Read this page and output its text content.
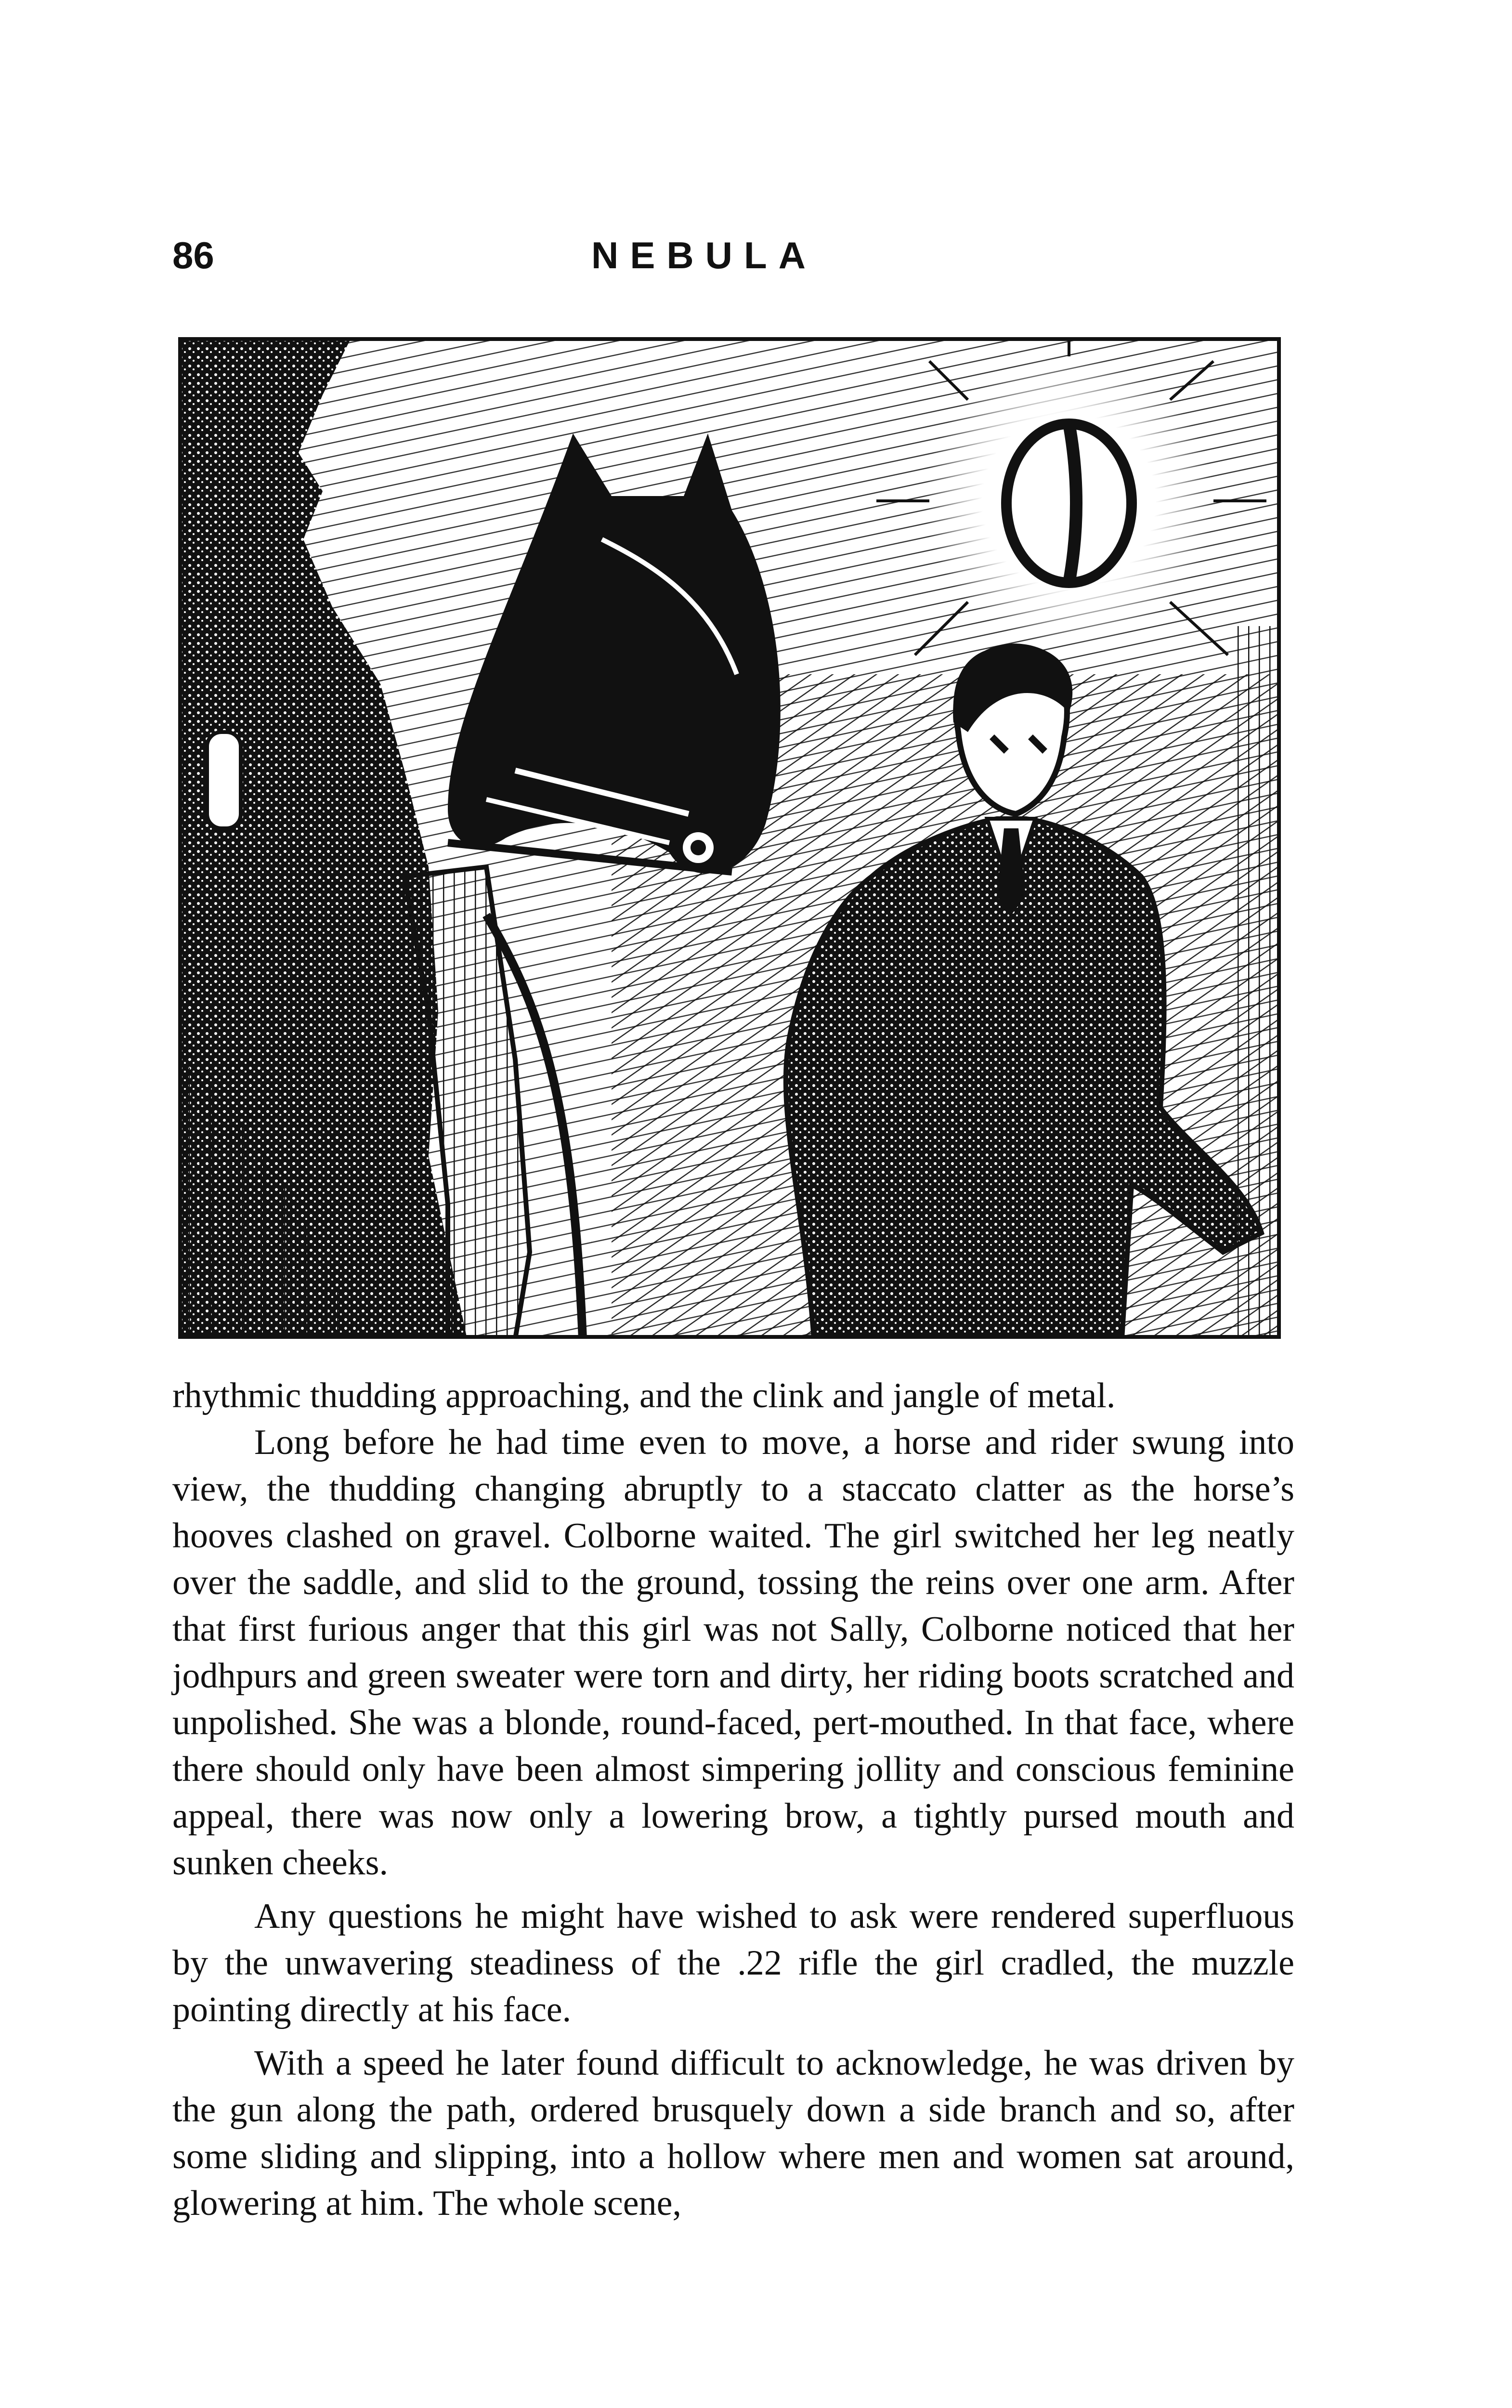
86	NEBULA

rhythmic thudding approaching, and the clink and jangle of metal.

Long before he had time even to move, a horse and rider swung into view, the thudding changing abruptly to a staccato clatter as the horse’s hooves clashed on gravel. Colborne waited. The girl switched her leg neatly over the saddle, and slid to the ground, tossing the reins over one arm. After that first furious anger that this girl was not Sally, Colborne noticed that her jodhpurs and green sweater were torn and dirty, her riding boots scratched and unpolished. She was a blonde, round-faced, pert-mouthed. In that face, where there should only have been almost simpering jollity and conscious feminine appeal, there was now only a lowering brow, a tightly pursed mouth and sunken cheeks.

Any questions he might have wished to ask were rendered superfluous by the unwavering steadiness of the .22 rifle the girl cradled, the muzzle pointing directly at his face.

With a speed he later found difficult to acknowledge, he was driven by the gun along the path, ordered brusquely down a side branch and so, after some sliding and slipping, into a hollow where men and women sat around, glowering at him. The whole scene,
